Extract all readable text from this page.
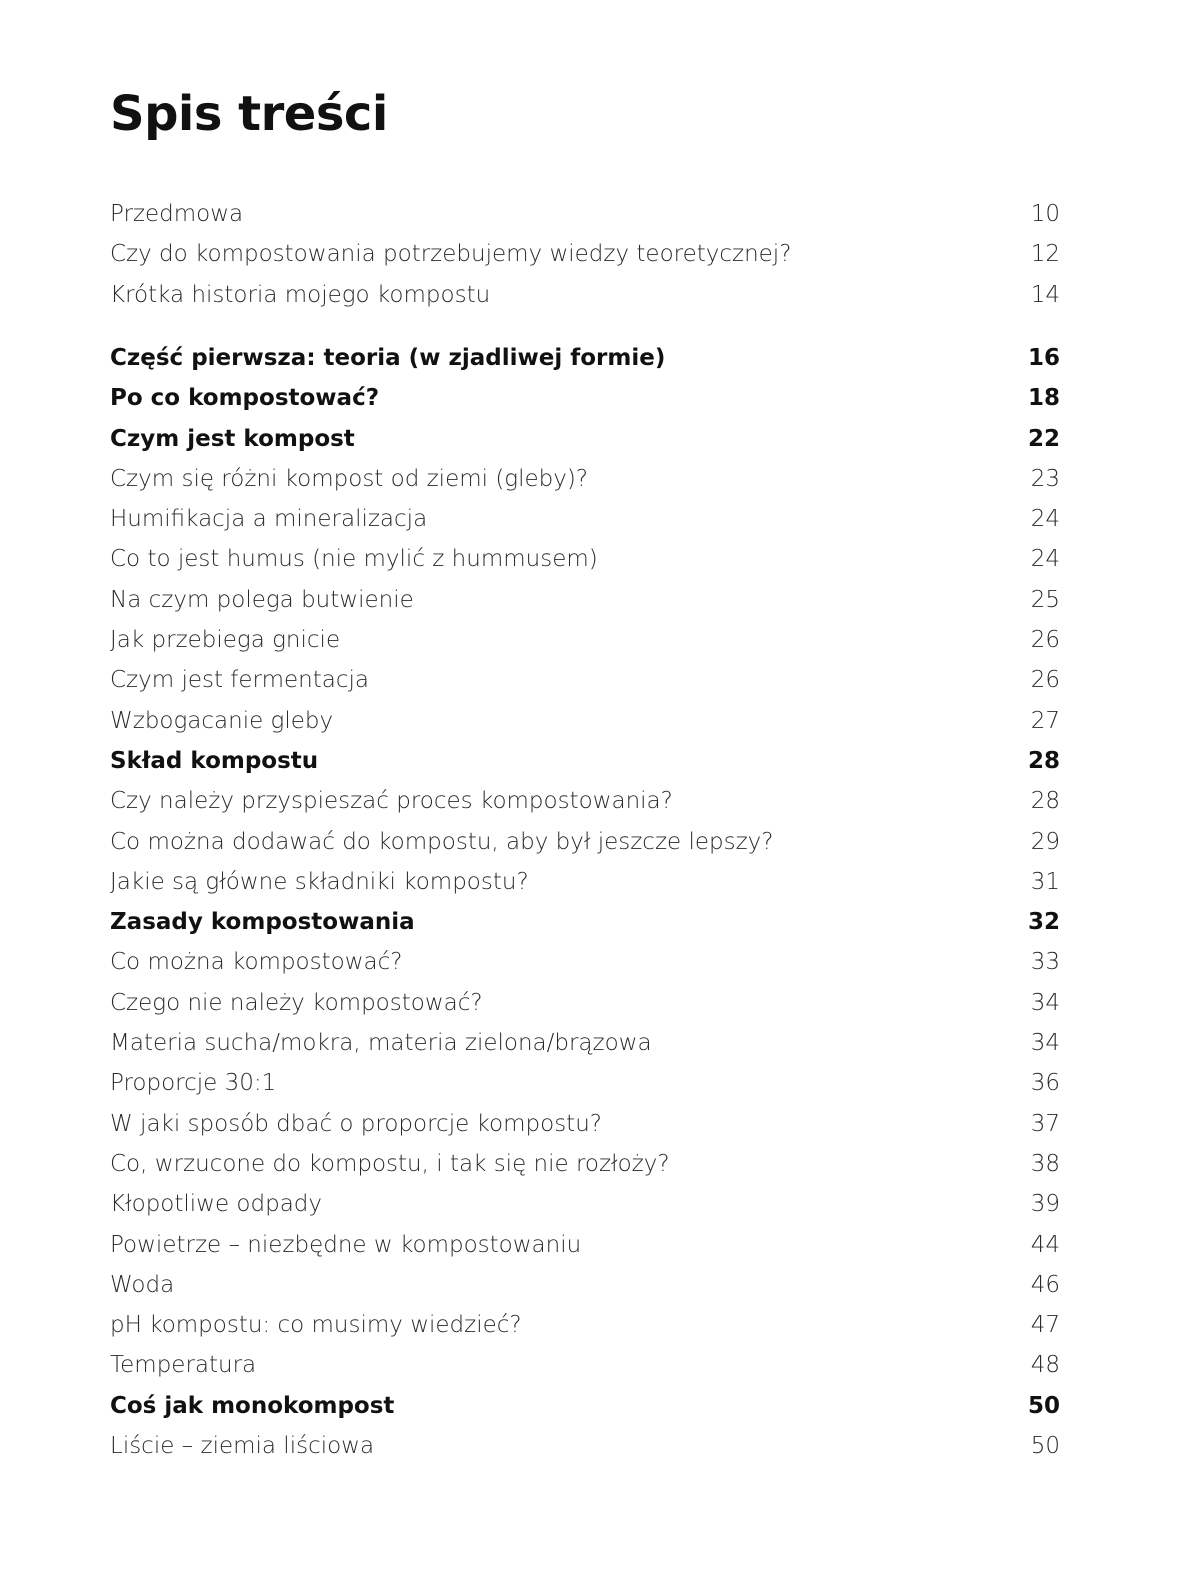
Spis treści
Przedmowa	10
Czy do kompostowania potrzebujemy wiedzy teoretycznej?	12
Krótka historia mojego kompostu	14
Część pierwsza: teoria (w zjadliwej formie)	16
Po co kompostować?	18
Czym jest kompost	22
Czym się różni kompost od ziemi (gleby)?	23
Humifikacja a mineralizacja	24
Co to jest humus (nie mylić z hummusem)	24
Na czym polega butwienie	25
Jak przebiega gnicie	26
Czym jest fermentacja	26
Wzbogacanie gleby	27
Skład kompostu	28
Czy należy przyspieszać proces kompostowania?	28
Co można dodawać do kompostu, aby był jeszcze lepszy?	29
Jakie są główne składniki kompostu?	31
Zasady kompostowania	32
Co można kompostować?	33
Czego nie należy kompostować?	34
Materia sucha/mokra, materia zielona/brązowa	34
Proporcje 30:1	36
W jaki sposób dbać o proporcje kompostu?	37
Co, wrzucone do kompostu, i tak się nie rozłoży?	38
Kłopotliwe odpady	39
Powietrze – niezbędne w kompostowaniu	44
Woda	46
pH kompostu: co musimy wiedzieć?	47
Temperatura	48
Coś jak monokompost	50
Liście – ziemia liściowa	50
